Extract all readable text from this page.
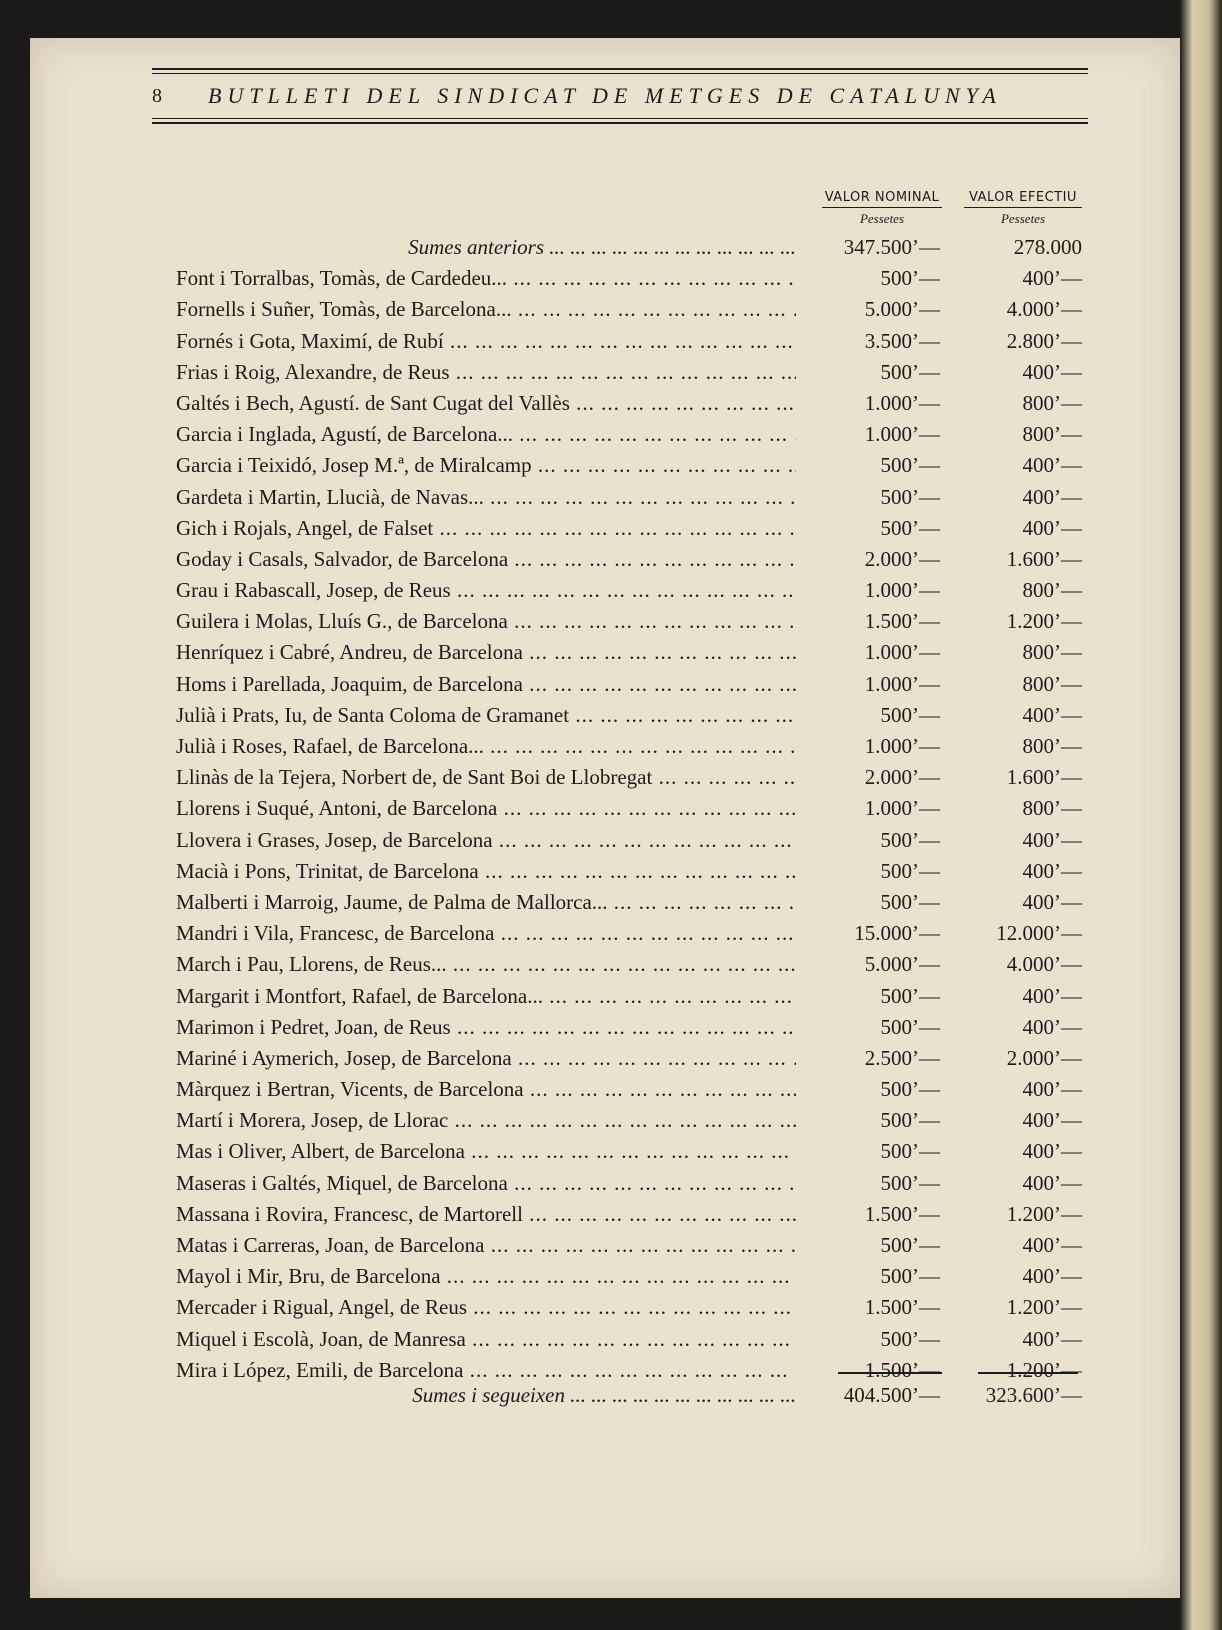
8 BUTLLETI DEL SINDICAT DE METGES DE CATALUNYA
VALOR NOMINAL
Pessetes
VALOR EFECTIU
Pessetes
Sumes anteriors ... ... ... ... ... ... ... ... ... ... ... ...	347.500’—	278.000
Font i Torralbas, Tomàs, de Cardedeu... ... .	500’—	400’—
Fornells i Suñer, Tomàs, de Barcelona... ... .	5.000’—	4.000’—
Fornés i Gota, Maximí, de Rubí ... .	3.500’—	2.800’—
Frias i Roig, Alexandre, de Reus ... .	500’—	400’—
Galtés i Bech, Agustí. de Sant Cugat del Vallès ... .	1.000’—	800’—
Garcia i Inglada, Agustí, de Barcelona... ... .	1.000’—	800’—
Garcia i Teixidó, Josep M.ª, de Miralcamp ... .	500’—	400’—
Gardeta i Martin, Llucià, de Navas... ... .	500’—	400’—
Gich i Rojals, Angel, de Falset ... .	500’—	400’—
Goday i Casals, Salvador, de Barcelona ... .	2.000’—	1.600’—
Grau i Rabascall, Josep, de Reus ... .	1.000’—	800’—
Guilera i Molas, Lluís G., de Barcelona ... .	1.500’—	1.200’—
Henríquez i Cabré, Andreu, de Barcelona ... .	1.000’—	800’—
Homs i Parellada, Joaquim, de Barcelona ... .	1.000’—	800’—
Julià i Prats, Iu, de Santa Coloma de Gramanet ... .	500’—	400’—
Julià i Roses, Rafael, de Barcelona... ... .	1.000’—	800’—
Llinàs de la Tejera, Norbert de, de Sant Boi de Llobregat ... .	2.000’—	1.600’—
Llorens i Suqué, Antoni, de Barcelona ... .	1.000’—	800’—
Llovera i Grases, Josep, de Barcelona ... .	500’—	400’—
Macià i Pons, Trinitat, de Barcelona ... .	500’—	400’—
Malberti i Marroig, Jaume, de Palma de Mallorca... ... .	500’—	400’—
Mandri i Vila, Francesc, de Barcelona ... .	15.000’—	12.000’—
March i Pau, Llorens, de Reus... ... .	5.000’—	4.000’—
Margarit i Montfort, Rafael, de Barcelona... ... .	500’—	400’—
Marimon i Pedret, Joan, de Reus ... .	500’—	400’—
Mariné i Aymerich, Josep, de Barcelona ... .	2.500’—	2.000’—
Màrquez i Bertran, Vicents, de Barcelona ... .	500’—	400’—
Martí i Morera, Josep, de Llorac ... .	500’—	400’—
Mas i Oliver, Albert, de Barcelona ... .	500’—	400’—
Maseras i Galtés, Miquel, de Barcelona ... .	500’—	400’—
Massana i Rovira, Francesc, de Martorell ... .	1.500’—	1.200’—
Matas i Carreras, Joan, de Barcelona ... .	500’—	400’—
Mayol i Mir, Bru, de Barcelona ... .	500’—	400’—
Mercader i Rigual, Angel, de Reus ... .	1.500’—	1.200’—
Miquel i Escolà, Joan, de Manresa ... .	500’—	400’—
Mira i López, Emili, de Barcelona ... .	1.500’—	1.200’—
Sumes i segueixen ... ... ... ... ... ... ... ... ... ... ...	404.500’—	323.600’—
